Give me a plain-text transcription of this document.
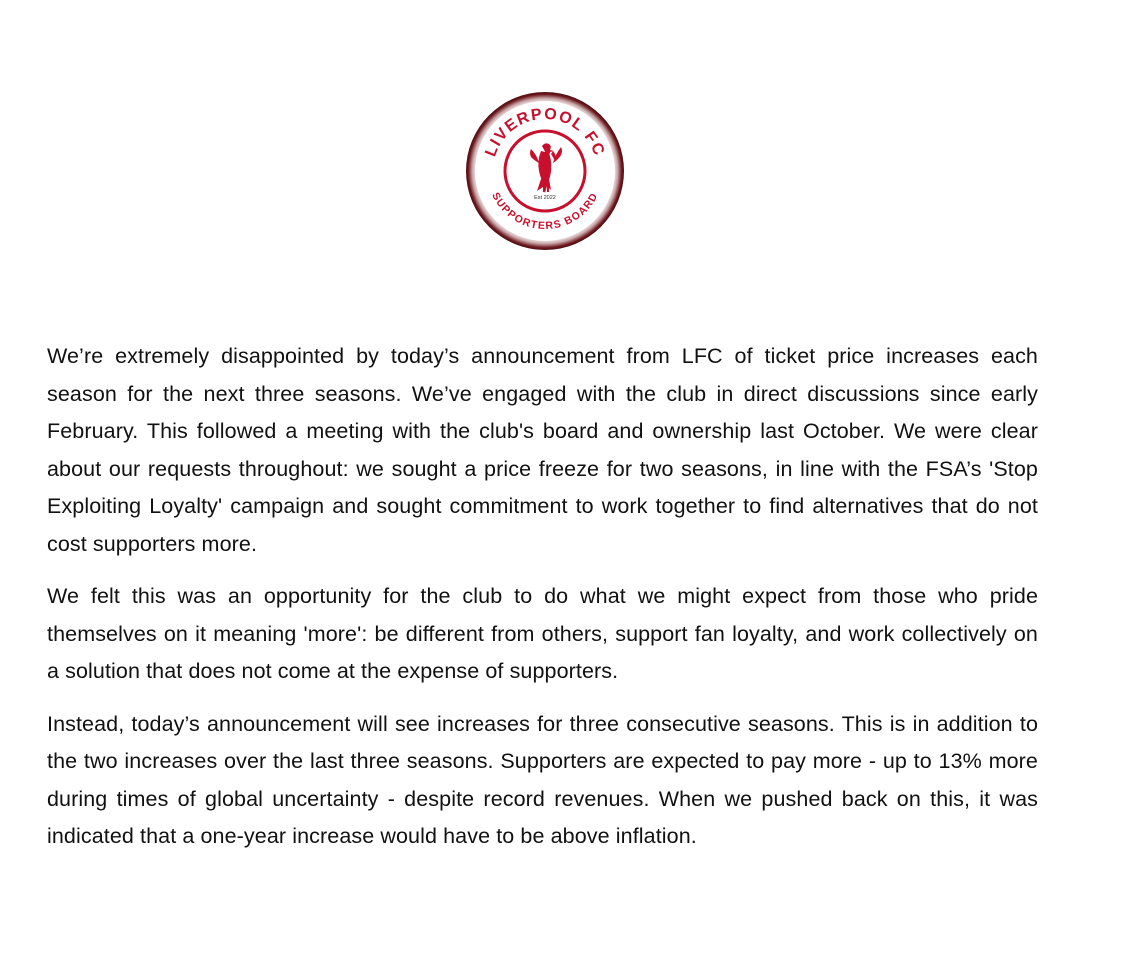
LIVERPOOL FC
SUPPORTERS BOARD
Est 2022

We’re extremely disappointed by today’s announcement from LFC of ticket price increases each season for the next three seasons. We’ve engaged with the club in direct discussions since early February. This followed a meeting with the club's board and ownership last October. We were clear about our requests throughout: we sought a price freeze for two seasons, in line with the FSA’s 'Stop Exploiting Loyalty' campaign and sought commitment to work together to find alternatives that do not cost supporters more.

We felt this was an opportunity for the club to do what we might expect from those who pride themselves on it meaning 'more': be different from others, support fan loyalty, and work collectively on a solution that does not come at the expense of supporters.

Instead, today’s announcement will see increases for three consecutive seasons. This is in addition to the two increases over the last three seasons. Supporters are expected to pay more - up to 13% more during times of global uncertainty - despite record revenues. When we pushed back on this, it was indicated that a one-year increase would have to be above inflation.
